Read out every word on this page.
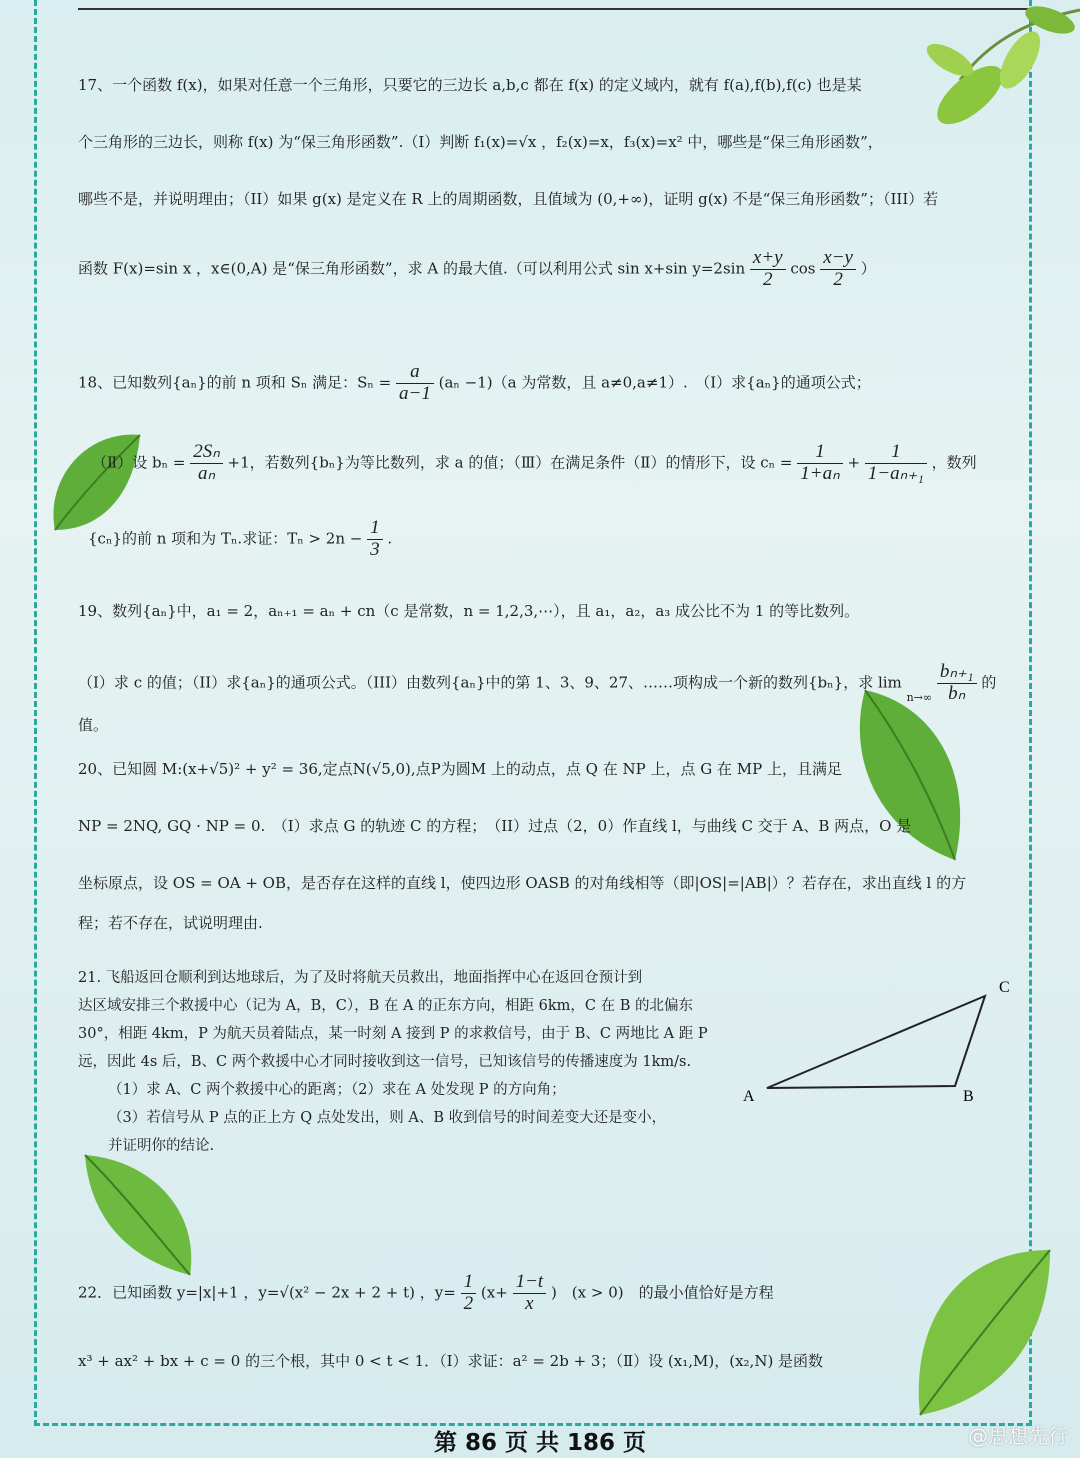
17、一个函数 f(x)，如果对任意一个三角形，只要它的三边长 a,b,c 都在 f(x) 的定义域内，就有 f(a),f(b),f(c) 也是某
个三角形的三边长，则称 f(x) 为“保三角形函数”.（I）判断 f₁(x)=√x ，f₂(x)=x，f₃(x)=x² 中，哪些是“保三角形函数”，
哪些不是，并说明理由；（II）如果 g(x) 是定义在 R 上的周期函数，且值域为 (0,+∞)，证明 g(x) 不是“保三角形函数”；（III）若
函数 F(x)=sin x ，x∈(0,A) 是“保三角形函数”，求 A 的最大值.（可以利用公式 sin x+sin $y=2\sin \frac{x+y}{2}$ $\cos \frac{x-y}{2}$ ）
18、已知数列{aₙ}的前 n 项和 Sₙ 满足：$S_n = \frac{a}{a-1} (a_n -1)(a$ 为常数，且 a≠0,a≠1）.　（Ⅰ）求{aₙ}的通项公式；
（Ⅱ）设 $b_n = \frac{\text{2Sₙ}}{\text{aₙ}} +1$，若数列{bₙ}为等比数列，求 a 的值；（Ⅲ）在满足条件（Ⅱ）的情形下，设 $c_n = \frac{1}{\text{1+aₙ}} + \frac{1}{\text{1−aₙ₊₁}}$ ，数列
{cₙ}的前 n 项和为 Tₙ.求证：$T_n > 2n - \frac{1}{3}$ .
19、数列{aₙ}中，a₁ = 2，aₙ₊₁ = aₙ + cn（c 是常数，n = 1,2,3,⋯），且 a₁，a₂，a₃ 成公比不为 1 的等比数列。
（I）求 c 的值；（II）求{aₙ}的通项公式。（III）由数列{aₙ}中的第 1、3、9、27、……项构成一个新的数列{bₙ}，求 $\lim n\to\infty \frac{\text{bₙ₊₁}}{\text{bₙ}}$ 的
值。
20、已知圆 M:(x+√5)² + y² = 36,定点N(√5,0),点P为圆M 上的动点，点 Q 在 NP 上，点 G 在 MP 上，且满足
NP = 2NQ, GQ · NP = 0.　（I）求点 G 的轨迹 C 的方程；　（II）过点（2，0）作直线 l，与曲线 C 交于 A、B 两点，O 是
坐标原点，设 OS = OA + OB，是否存在这样的直线 l，使四边形 OASB 的对角线相等（即|OS|=|AB|）？若存在，求出直线 l 的方
程；若不存在，试说明理由.
21. 飞船返回仓顺利到达地球后，为了及时将航天员救出，地面指挥中心在返回仓预计到
达区域安排三个救援中心（记为 A，B，C），B 在 A 的正东方向，相距 6km，C 在 B 的北偏东
30°，相距 4km，P 为航天员着陆点，某一时刻 A 接到 P 的求救信号，由于 B、C 两地比 A 距 P
远，因此 4s 后，B、C 两个救援中心才同时接收到这一信号，已知该信号的传播速度为 1km/s.
（1）求 A、C 两个救援中心的距离；（2）求在 A 处发现 P 的方向角；
（3）若信号从 P 点的正上方 Q 点处发出，则 A、B 收到信号的时间差变大还是变小，
并证明你的结论.
A	B
C
22．已知函数 y=|x|+1 ，y=√(x² − 2x + 2 + t) ，$y= \frac{1}{2} (x+ \frac{1-t}{x}$ )　(x > 0)　的最小值恰好是方程
x³ + ax² + bx + c = 0 的三个根，其中 0 < t < 1．（Ⅰ）求证：a² = 2b + 3；（Ⅱ）设 (x₁,M)，(x₂,N) 是函数
第 86 页 共 186 页	@思想先行
